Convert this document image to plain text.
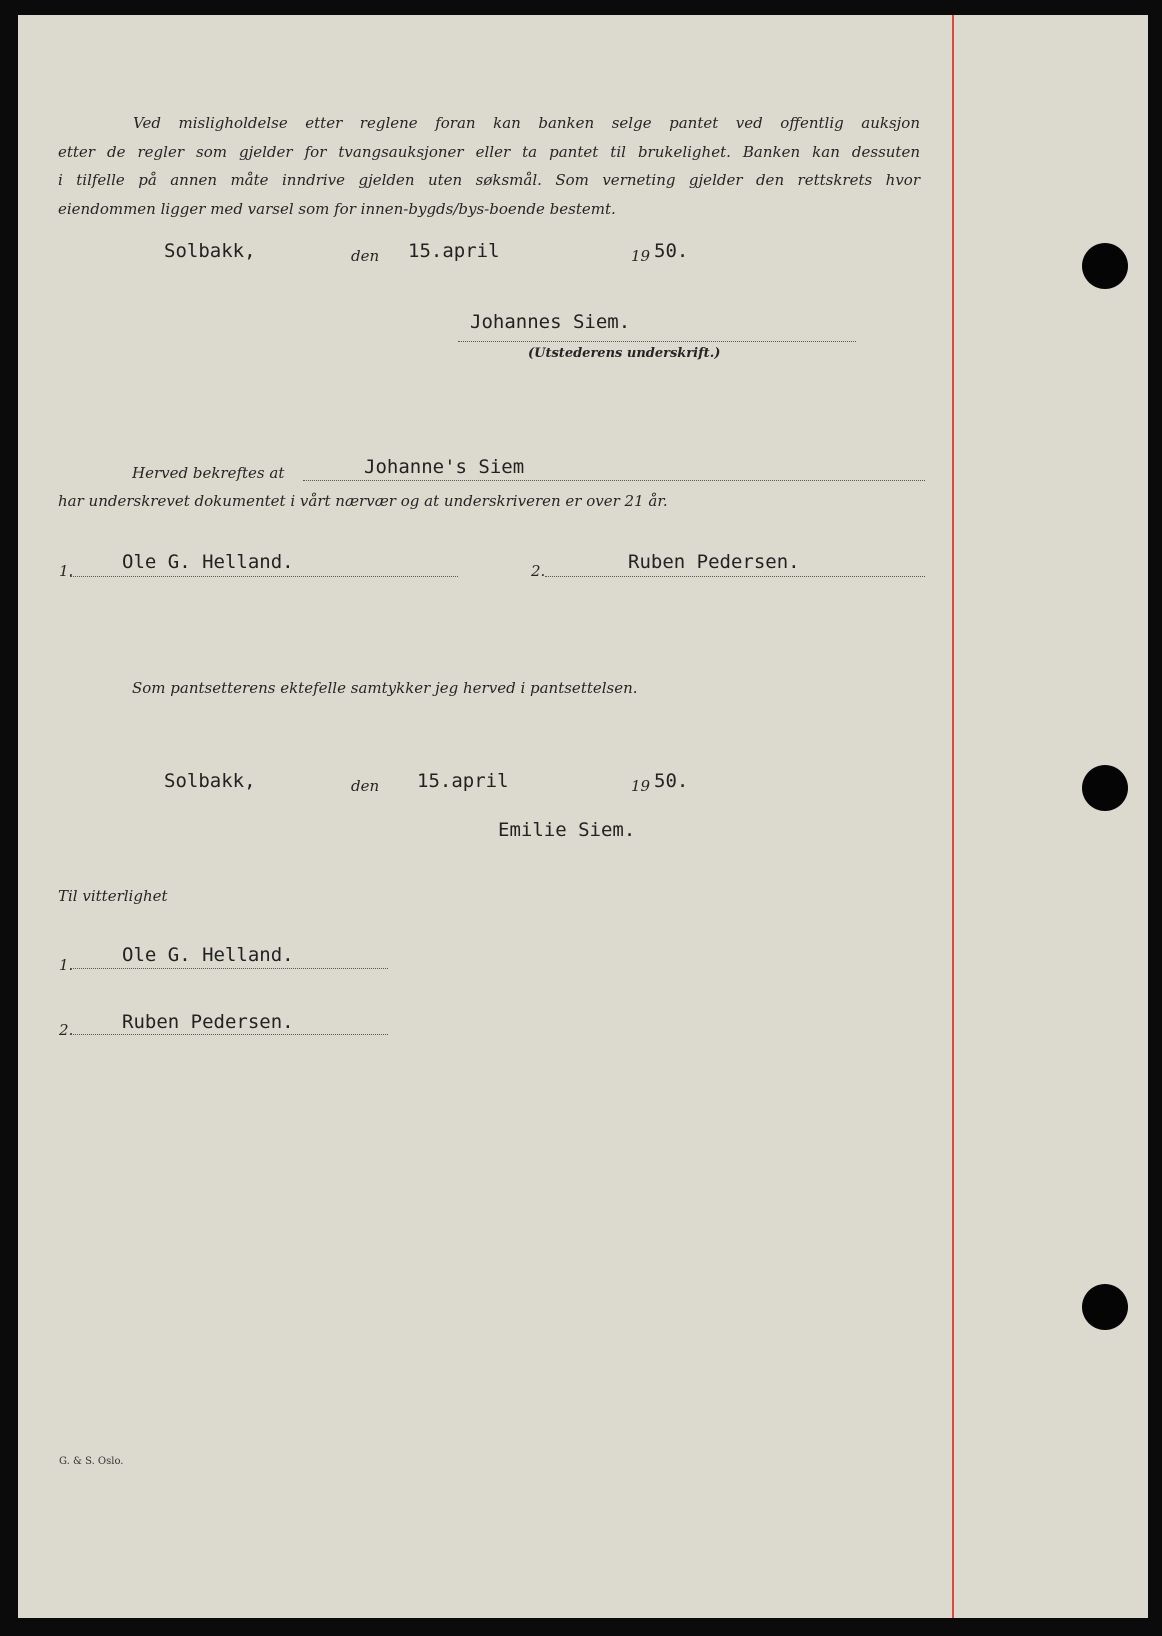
Ved misligholdelse etter reglene foran kan banken selge pantet ved offentlig auksjon
etter de regler som gjelder for tvangsauksjoner eller ta pantet til brukelighet. Banken kan dessuten
i tilfelle på annen måte inndrive gjelden uten søksmål. Som verneting gjelder den rettskrets hvor
eiendommen ligger med varsel som for innen-bygds/bys-boende bestemt.
Solbakk,	den 15.april	19 50.
Johannes Siem.
(Utstederens underskrift.)
Herved bekreftes at	Johanne's Siem
har underskrevet dokumentet i vårt nærvær og at underskriveren er over 21 år.
1.	Ole G. Helland.	2.	Ruben Pedersen.
Som pantsetterens ektefelle samtykker jeg herved i pantsettelsen.
Solbakk,	den 15.april	19 50.
Emilie Siem.
Til vitterlighet
1.	Ole G. Helland.
2.	Ruben Pedersen.
G. & S. Oslo.
